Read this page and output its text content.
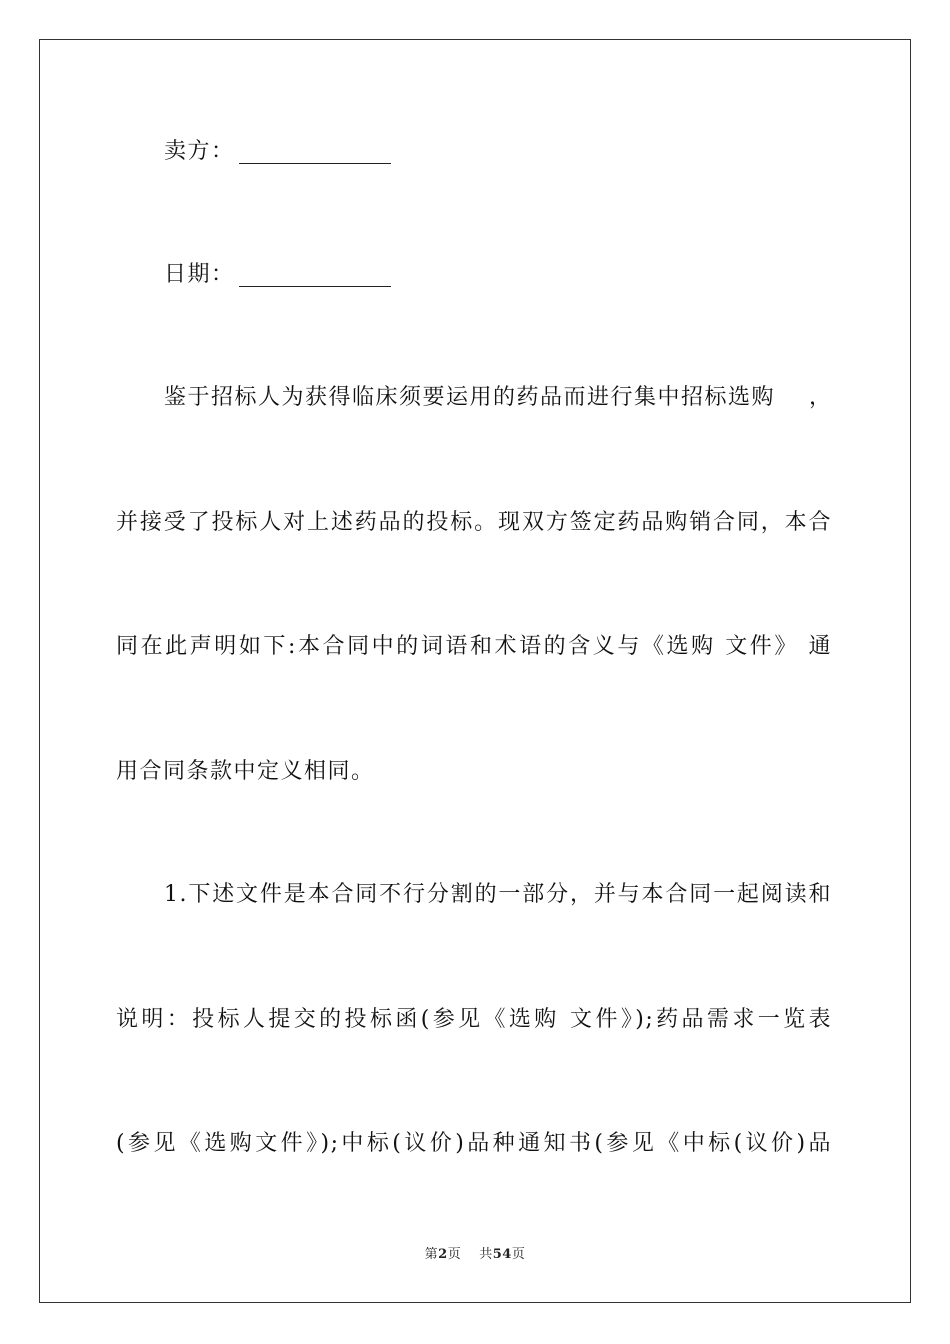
卖方：
日期：
鉴于招标人为获得临床须要运用的药品而进行集中招标选购    ，
并接受了投标人对上述药品的投标。现双方签定药品购销合同，本合
同在此声明如下:本合同中的词语和术语的含义与《选购 文件》 通
用合同条款中定义相同。
1.下述文件是本合同不行分割的一部分，并与本合同一起阅读和
说明：投标人提交的投标函(参见《选购 文件》);药品需求一览表
(参见《选购文件》);中标(议价)品种通知书(参见《中标(议价)品
第2页 共54页
